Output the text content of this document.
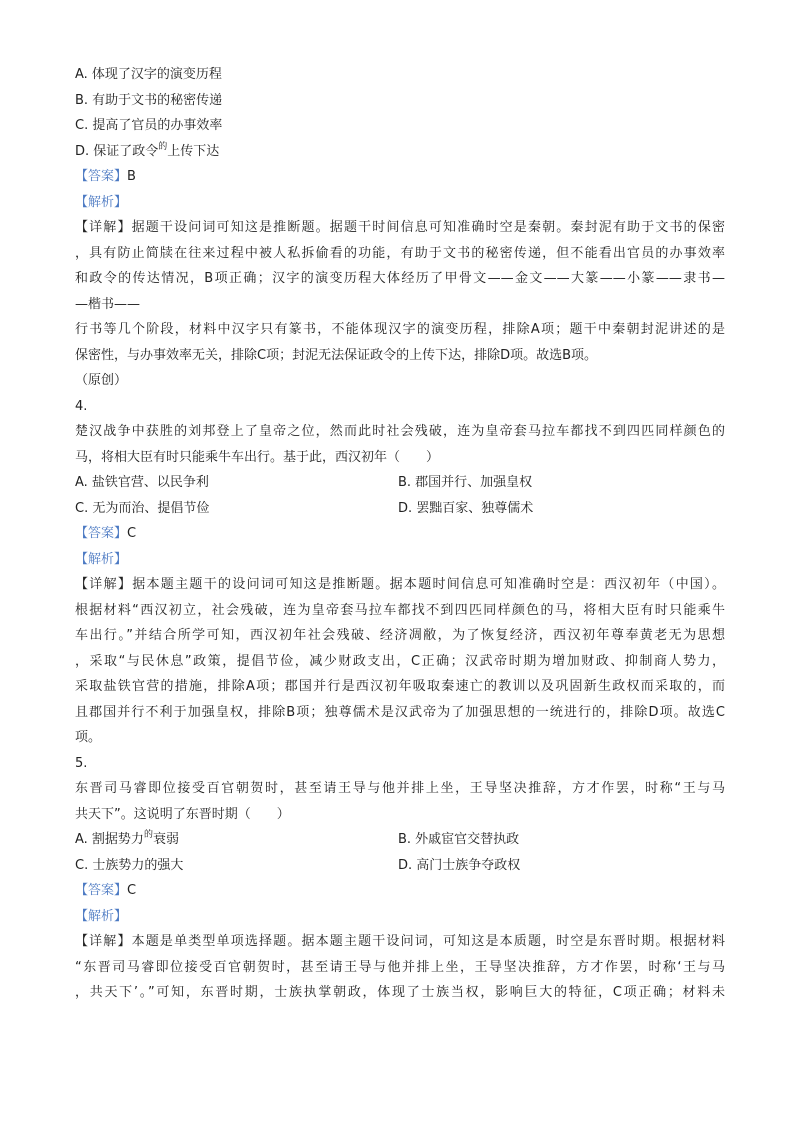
A. 体现了汉字的演变历程
B. 有助于文书的秘密传递
C. 提高了官员的办事效率
D. 保证了政令$^的$上传下达
【答案】B
【解析】
【详解】据题干设问词可知这是推断题。据题干时间信息可知准确时空是秦朝。秦封泥有助于文书的保密
，具有防止简牍在往来过程中被人私拆偷看的功能，有助于文书的秘密传递，但不能看出官员的办事效率
和政令的传达情况，B项正确；汉字的演变历程大体经历了甲骨文——金文——大篆——小篆——隶书—
—楷书——
行书等几个阶段，材料中汉字只有篆书，不能体现汉字的演变历程，排除A项；题干中秦朝封泥讲述的是
保密性，与办事效率无关，排除C项；封泥无法保证政令的上传下达，排除D项。故选B项。
（原创）
4.
楚汉战争中获胜的刘邦登上了皇帝之位，然而此时社会残破，连为皇帝套马拉车都找不到四匹同样颜色的
马，将相大臣有时只能乘牛车出行。基于此，西汉初年（　　）
A. 盐铁官营、以民争利	B. 郡国并行、加强皇权
C. 无为而治、提倡节俭	D. 罢黜百家、独尊儒术
【答案】C
【解析】
【详解】据本题主题干的设问词可知这是推断题。据本题时间信息可知准确时空是：西汉初年（中国）。
根据材料“西汉初立，社会残破，连为皇帝套马拉车都找不到四匹同样颜色的马，将相大臣有时只能乘牛
车出行。”并结合所学可知，西汉初年社会残破、经济凋敝，为了恢复经济，西汉初年尊奉黄老无为思想
，采取“与民休息”政策，提倡节俭，减少财政支出，C正确；汉武帝时期为增加财政、抑制商人势力，
采取盐铁官营的措施，排除A项；郡国并行是西汉初年吸取秦速亡的教训以及巩固新生政权而采取的，而
且郡国并行不利于加强皇权，排除B项；独尊儒术是汉武帝为了加强思想的一统进行的，排除D项。故选C
项。
5.
东晋司马睿即位接受百官朝贺时，甚至请王导与他并排上坐，王导坚决推辞，方才作罢，时称“王与马
共天下”。这说明了东晋时期（　　）
A. 割据势力$^的$衰弱	B. 外戚宦官交替执政
C. 士族势力的强大	D. 高门士族争夺政权
【答案】C
【解析】
【详解】本题是单类型单项选择题。据本题主题干设问词，可知这是本质题，时空是东晋时期。根据材料
“东晋司马睿即位接受百官朝贺时，甚至请王导与他并排上坐，王导坚决推辞，方才作罢，时称‘王与马
，共天下’。”可知，东晋时期，士族执掌朝政，体现了士族当权，影响巨大的特征，C项正确；材料未
